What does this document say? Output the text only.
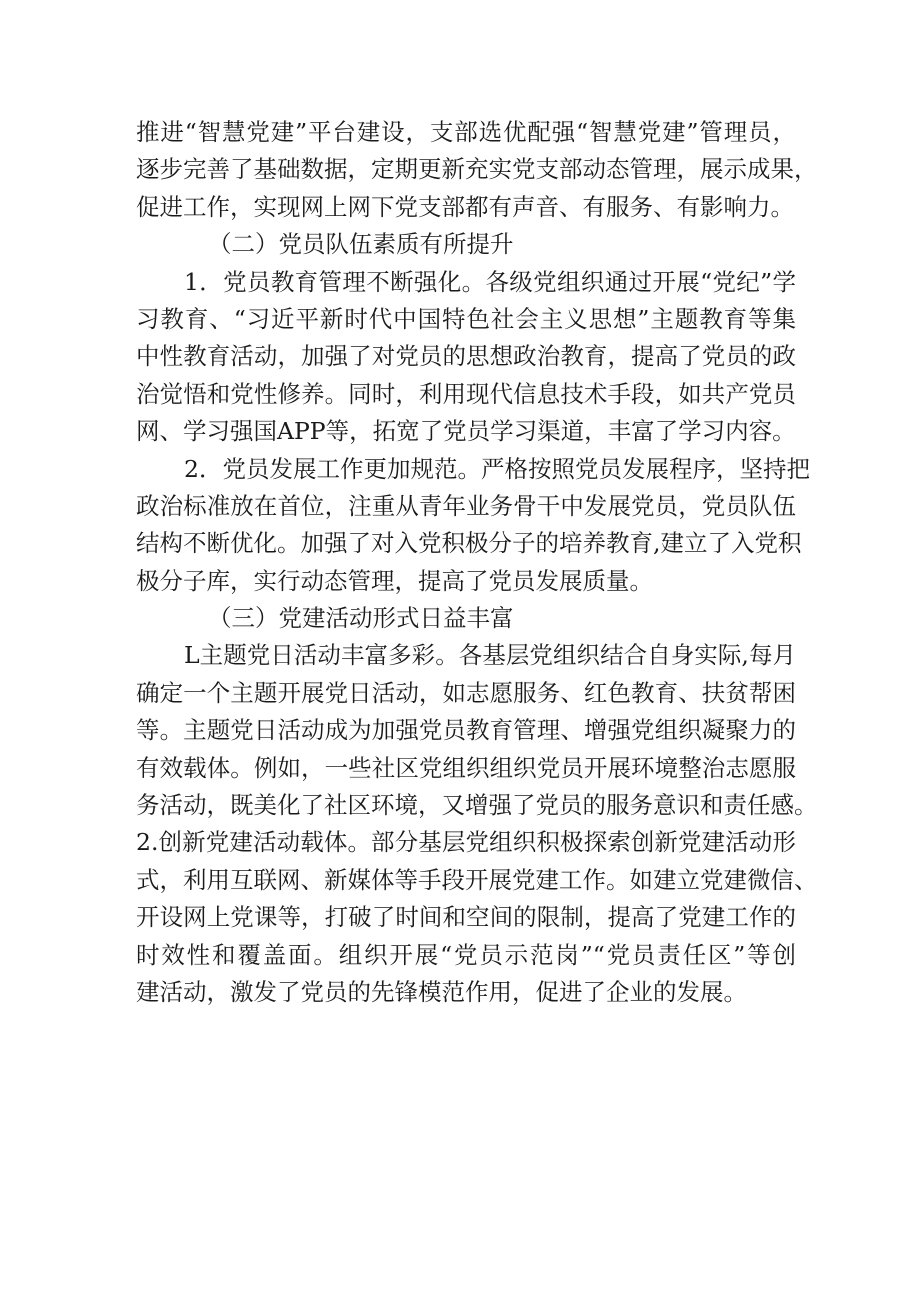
推进“智慧党建”平台建设，支部选优配强“智慧党建”管理员，
逐步完善了基础数据，定期更新充实党支部动态管理，展示成果，
促进工作，实现网上网下党支部都有声音、有服务、有影响力。
（二）党员队伍素质有所提升
1．党员教育管理不断强化。各级党组织通过开展“党纪”学
习教育、“习近平新时代中国特色社会主义思想”主题教育等集
中性教育活动，加强了对党员的思想政治教育，提高了党员的政
治觉悟和党性修养。同时，利用现代信息技术手段，如共产党员
网、学习强国APP等，拓宽了党员学习渠道，丰富了学习内容。
2．党员发展工作更加规范。严格按照党员发展程序，坚持把
政治标准放在首位，注重从青年业务骨干中发展党员，党员队伍
结构不断优化。加强了对入党积极分子的培养教育,建立了入党积
极分子库，实行动态管理，提高了党员发展质量。
（三）党建活动形式日益丰富
L主题党日活动丰富多彩。各基层党组织结合自身实际,每月
确定一个主题开展党日活动，如志愿服务、红色教育、扶贫帮困
等。主题党日活动成为加强党员教育管理、增强党组织凝聚力的
有效载体。例如，一些社区党组织组织党员开展环境整治志愿服
务活动，既美化了社区环境，又增强了党员的服务意识和责任感。
2.创新党建活动载体。部分基层党组织积极探索创新党建活动形
式，利用互联网、新媒体等手段开展党建工作。如建立党建微信、
开设网上党课等，打破了时间和空间的限制，提高了党建工作的
时效性和覆盖面。组织开展“党员示范岗”“党员责任区”等创
建活动，激发了党员的先锋模范作用，促进了企业的发展。
